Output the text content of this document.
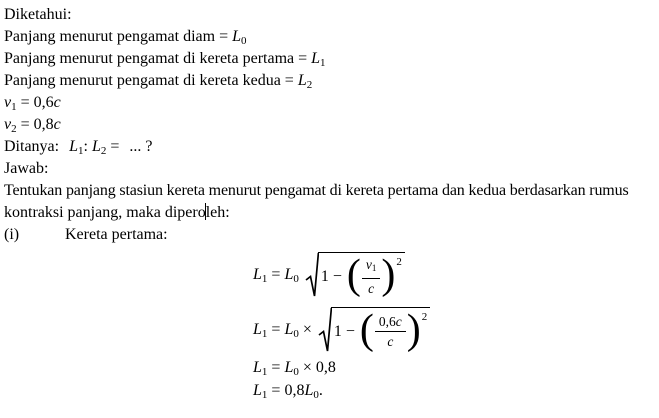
Diketahui:
Panjang menurut pengamat diam = L0
Panjang menurut pengamat di kereta pertama = L1
Panjang menurut pengamat di kereta kedua = L2
v1 = 0,6c
v2 = 0,8c
Ditanya: L1: L2 = ... ?
Jawab:
Tentukan panjang stasiun kereta menurut pengamat di kereta pertama dan kedua berdasarkan rumus
kontraksi panjang, maka diperoleh:
(i)	Kereta pertama:
L1 = L0 1 − ( $\frac{v1}{c}$ ) 2
L1 = L0 × 1 − ( $\frac{0,6c}{c}$ ) 2
L1 = L0 × 0,8
L1 = 0,8L0.
